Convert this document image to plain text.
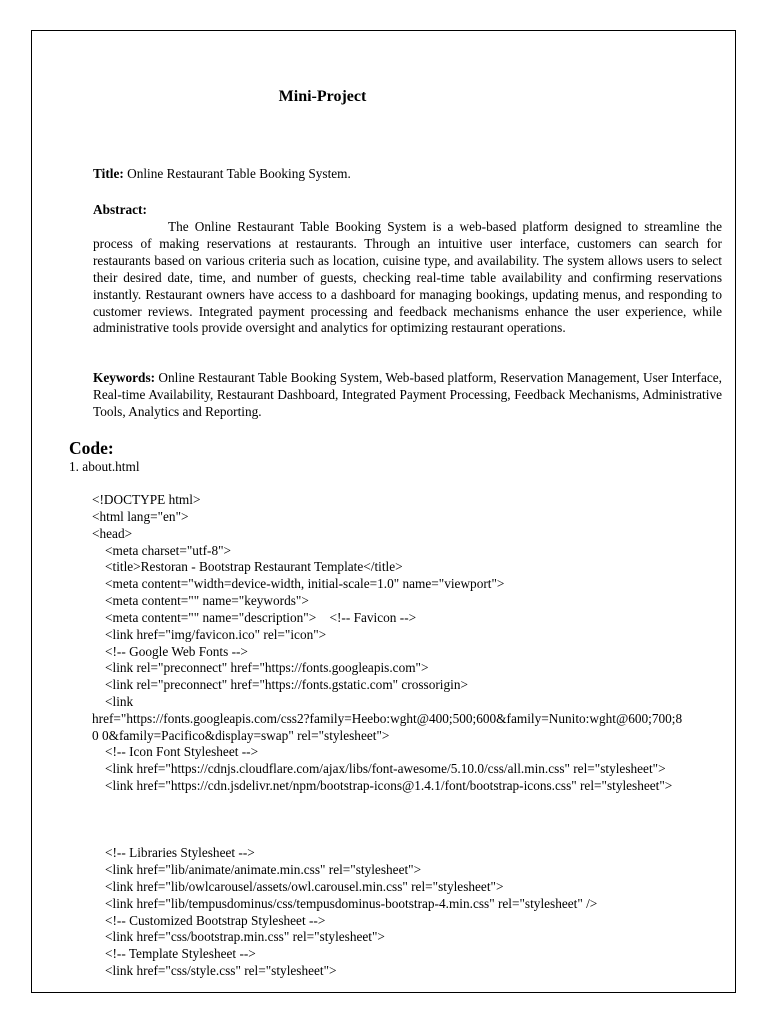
Mini-Project
Title: Online Restaurant Table Booking System.
Abstract:
The Online Restaurant Table Booking System is a web-based platform designed to streamline the process of making reservations at restaurants. Through an intuitive user interface, customers can search for restaurants based on various criteria such as location, cuisine type, and availability. The system allows users to select their desired date, time, and number of guests, checking real-time table availability and confirming reservations instantly. Restaurant owners have access to a dashboard for managing bookings, updating menus, and responding to customer reviews. Integrated payment processing and feedback mechanisms enhance the user experience, while administrative tools provide oversight and analytics for optimizing restaurant operations.
Keywords: Online Restaurant Table Booking System, Web-based platform, Reservation Management, User Interface, Real-time Availability, Restaurant Dashboard, Integrated Payment Processing, Feedback Mechanisms, Administrative Tools, Analytics and Reporting.
Code:
1. about.html
<!DOCTYPE html>
<html lang="en">
<head>
<meta charset="utf-8">
<title>Restoran - Bootstrap Restaurant Template</title>
<meta content="width=device-width, initial-scale=1.0" name="viewport">
<meta content="" name="keywords">
<meta content="" name="description">    <!-- Favicon -->
<link href="img/favicon.ico" rel="icon">
<!-- Google Web Fonts -->
<link rel="preconnect" href="https://fonts.googleapis.com">
<link rel="preconnect" href="https://fonts.gstatic.com" crossorigin>
<link
href="https://fonts.googleapis.com/css2?family=Heebo:wght@400;500;600&family=Nunito:wght@600;700;8
0 0&family=Pacifico&display=swap" rel="stylesheet">
<!-- Icon Font Stylesheet -->
<link href="https://cdnjs.cloudflare.com/ajax/libs/font-awesome/5.10.0/css/all.min.css" rel="stylesheet">
<link href="https://cdn.jsdelivr.net/npm/bootstrap-icons@1.4.1/font/bootstrap-icons.css" rel="stylesheet">
<!-- Libraries Stylesheet -->
<link href="lib/animate/animate.min.css" rel="stylesheet">
<link href="lib/owlcarousel/assets/owl.carousel.min.css" rel="stylesheet">
<link href="lib/tempusdominus/css/tempusdominus-bootstrap-4.min.css" rel="stylesheet" />
<!-- Customized Bootstrap Stylesheet -->
<link href="css/bootstrap.min.css" rel="stylesheet">
<!-- Template Stylesheet -->
<link href="css/style.css" rel="stylesheet">
